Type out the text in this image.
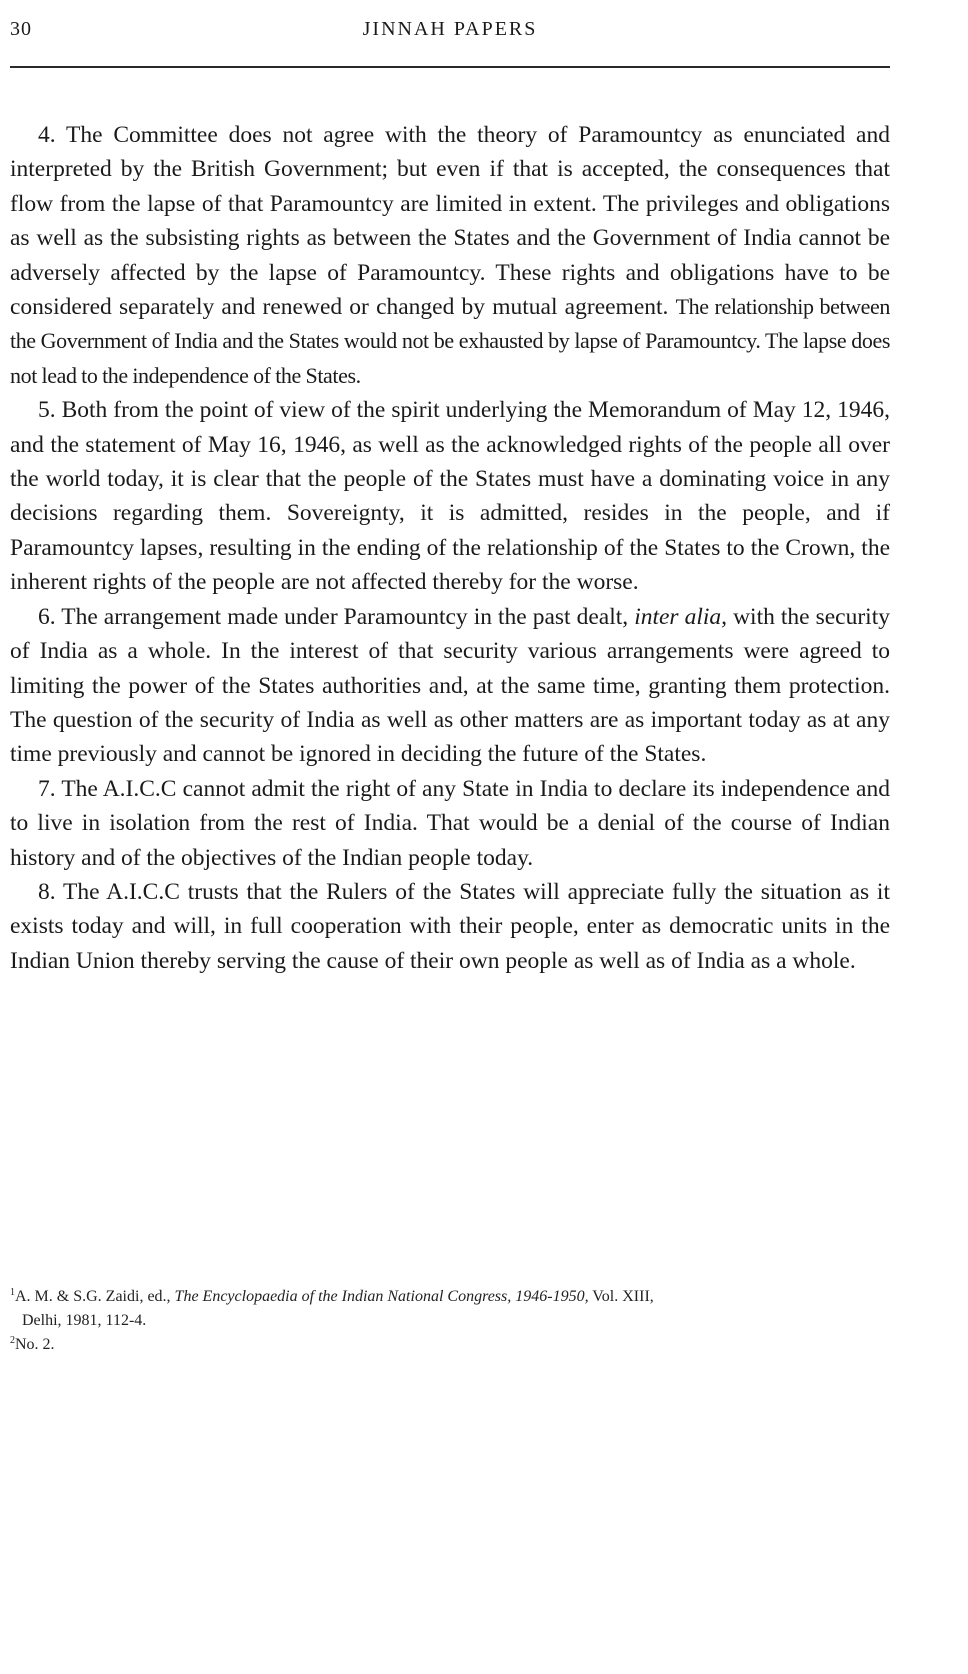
30	JINNAH PAPERS

4. The Committee does not agree with the theory of Paramountcy as enunciated and interpreted by the British Government; but even if that is accepted, the consequences that flow from the lapse of that Paramountcy are limited in extent. The privileges and obligations as well as the subsisting rights as between the States and the Government of India cannot be adversely affected by the lapse of Paramountcy. These rights and obligations have to be considered separately and renewed or changed by mutual agreement. The relationship between the Government of India and the States would not be exhausted by lapse of Paramountcy. The lapse does not lead to the independence of the States.

5. Both from the point of view of the spirit underlying the Memorandum of May 12, 1946, and the statement of May 16, 1946, as well as the acknowledged rights of the people all over the world today, it is clear that the people of the States must have a dominating voice in any decisions regarding them. Sovereignty, it is admitted, resides in the people, and if Paramountcy lapses, resulting in the ending of the relationship of the States to the Crown, the inherent rights of the people are not affected thereby for the worse.

6. The arrangement made under Paramountcy in the past dealt, inter alia, with the security of India as a whole. In the interest of that security various arrangements were agreed to limiting the power of the States authorities and, at the same time, granting them protection. The question of the security of India as well as other matters are as important today as at any time previously and cannot be ignored in deciding the future of the States.

7. The A.I.C.C cannot admit the right of any State in India to declare its independence and to live in isolation from the rest of India. That would be a denial of the course of Indian history and of the objectives of the Indian people today.

8. The A.I.C.C trusts that the Rulers of the States will appreciate fully the situation as it exists today and will, in full cooperation with their people, enter as democratic units in the Indian Union thereby serving the cause of their own people as well as of India as a whole.

$^1$A. M. & S.G. Zaidi, ed., The Encyclopaedia of the Indian National Congress, 1946-1950, Vol. XIII,
Delhi, 1981, 112-4.

$^2$No. 2.
